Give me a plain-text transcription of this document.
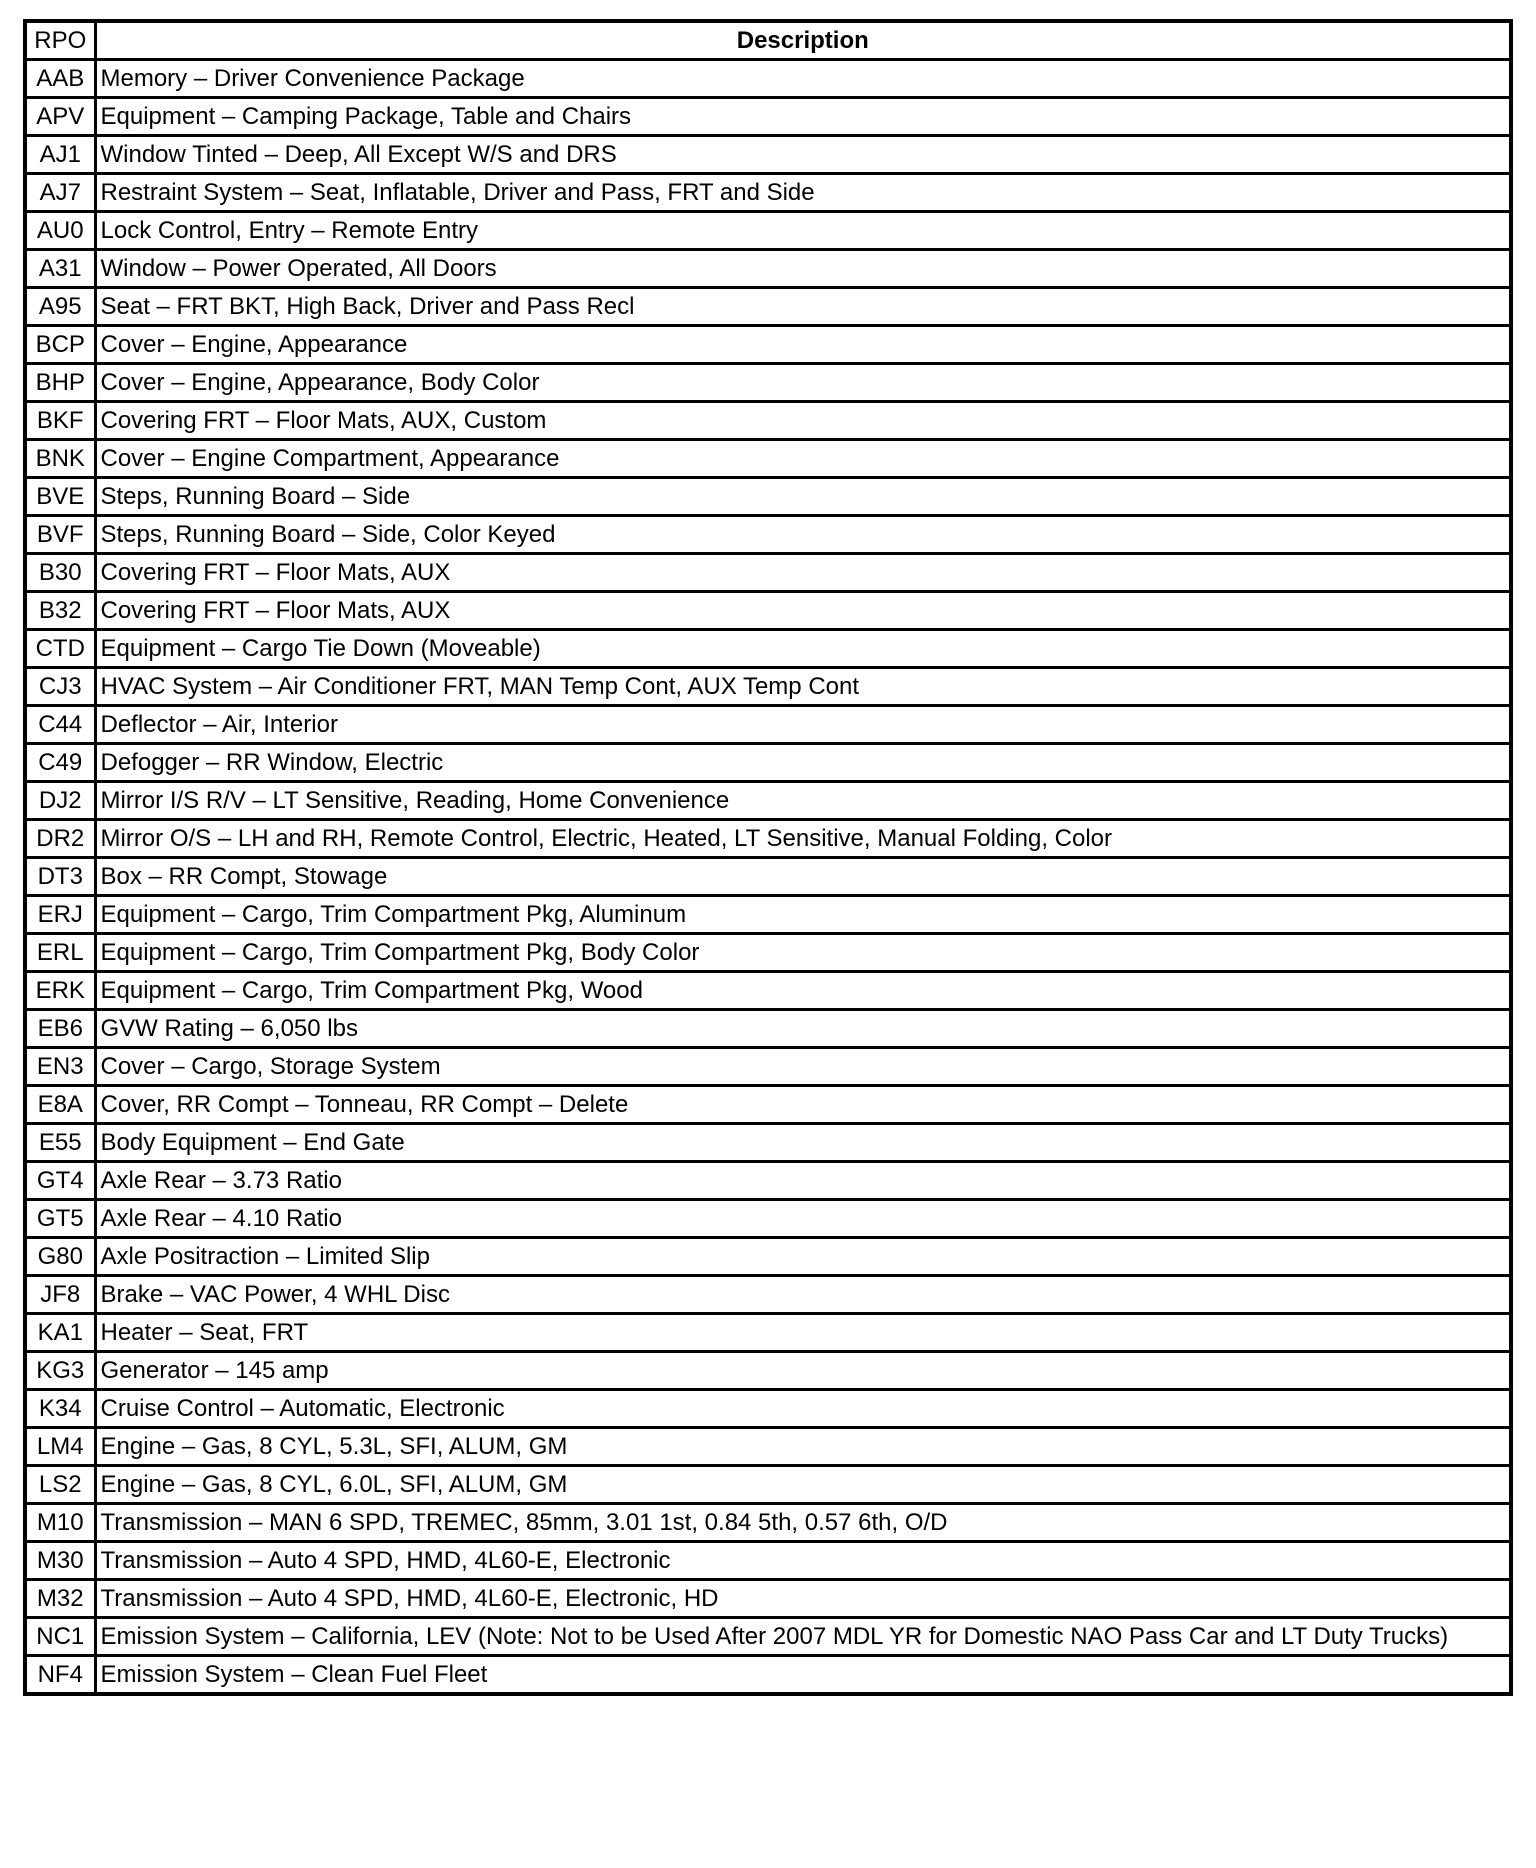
RPO	Description
AAB	Memory – Driver Convenience Package
APV	Equipment – Camping Package, Table and Chairs
AJ1	Window Tinted – Deep, All Except W/S and DRS
AJ7	Restraint System – Seat, Inflatable, Driver and Pass, FRT and Side
AU0	Lock Control, Entry – Remote Entry
A31	Window – Power Operated, All Doors
A95	Seat – FRT BKT, High Back, Driver and Pass Recl
BCP	Cover – Engine, Appearance
BHP	Cover – Engine, Appearance, Body Color
BKF	Covering FRT – Floor Mats, AUX, Custom
BNK	Cover – Engine Compartment, Appearance
BVE	Steps, Running Board – Side
BVF	Steps, Running Board – Side, Color Keyed
B30	Covering FRT – Floor Mats, AUX
B32	Covering FRT – Floor Mats, AUX
CTD	Equipment – Cargo Tie Down (Moveable)
CJ3	HVAC System – Air Conditioner FRT, MAN Temp Cont, AUX Temp Cont
C44	Deflector – Air, Interior
C49	Defogger – RR Window, Electric
DJ2	Mirror I/S R/V – LT Sensitive, Reading, Home Convenience
DR2	Mirror O/S – LH and RH, Remote Control, Electric, Heated, LT Sensitive, Manual Folding, Color
DT3	Box – RR Compt, Stowage
ERJ	Equipment – Cargo, Trim Compartment Pkg, Aluminum
ERL	Equipment – Cargo, Trim Compartment Pkg, Body Color
ERK	Equipment – Cargo, Trim Compartment Pkg, Wood
EB6	GVW Rating – 6,050 lbs
EN3	Cover – Cargo, Storage System
E8A	Cover, RR Compt – Tonneau, RR Compt – Delete
E55	Body Equipment – End Gate
GT4	Axle Rear – 3.73 Ratio
GT5	Axle Rear – 4.10 Ratio
G80	Axle Positraction – Limited Slip
JF8	Brake – VAC Power, 4 WHL Disc
KA1	Heater – Seat, FRT
KG3	Generator – 145 amp
K34	Cruise Control – Automatic, Electronic
LM4	Engine – Gas, 8 CYL, 5.3L, SFI, ALUM, GM
LS2	Engine – Gas, 8 CYL, 6.0L, SFI, ALUM, GM
M10	Transmission – MAN 6 SPD, TREMEC, 85mm, 3.01 1st, 0.84 5th, 0.57 6th, O/D
M30	Transmission – Auto 4 SPD, HMD, 4L60-E, Electronic
M32	Transmission – Auto 4 SPD, HMD, 4L60-E, Electronic, HD
NC1	Emission System – California, LEV (Note: Not to be Used After 2007 MDL YR for Domestic NAO Pass Car and LT Duty Trucks)
NF4	Emission System – Clean Fuel Fleet
